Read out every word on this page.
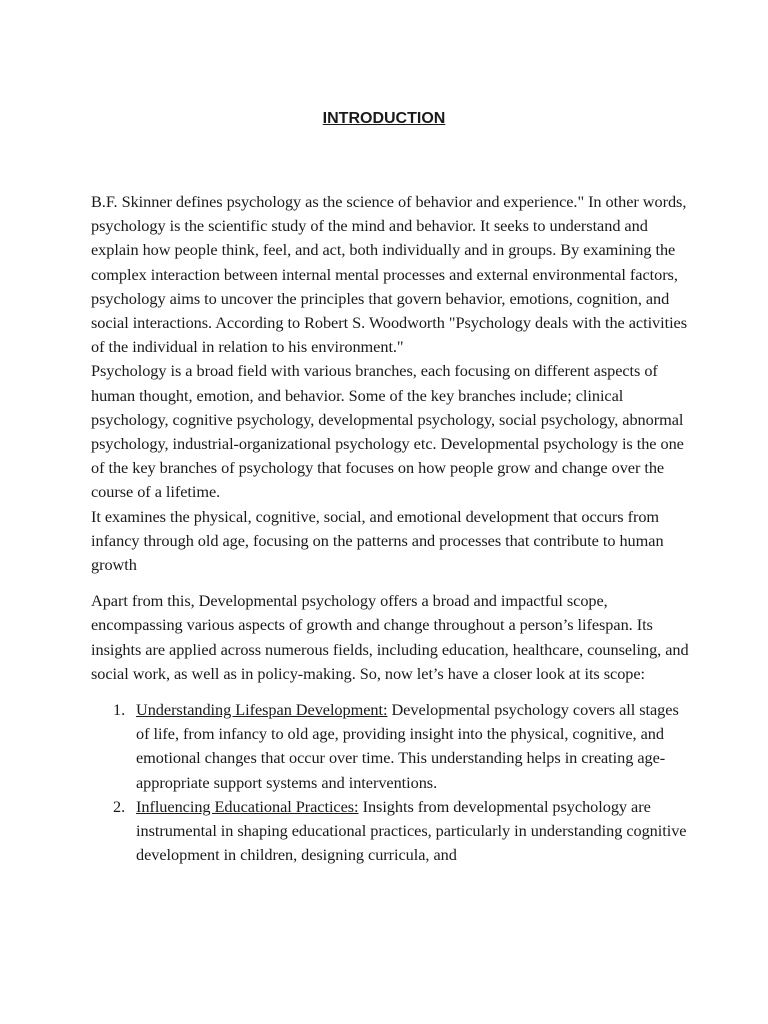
INTRODUCTION

B.F. Skinner defines psychology as the science of behavior and experience." In other words, psychology is the scientific study of the mind and behavior. It seeks to understand and explain how people think, feel, and act, both individually and in groups. By examining the complex interaction between internal mental processes and external environmental factors, psychology aims to uncover the principles that govern behavior, emotions, cognition, and social interactions. According to Robert S. Woodworth "Psychology deals with the activities of the individual in relation to his environment."

Psychology is a broad field with various branches, each focusing on different aspects of human thought, emotion, and behavior. Some of the key branches include; clinical psychology, cognitive psychology, developmental psychology, social psychology, abnormal psychology, industrial-organizational psychology etc. Developmental psychology is the one of the key branches of psychology that focuses on how people grow and change over the course of a lifetime.

It examines the physical, cognitive, social, and emotional development that occurs from infancy through old age, focusing on the patterns and processes that contribute to human growth

Apart from this, Developmental psychology offers a broad and impactful scope, encompassing various aspects of growth and change throughout a person’s lifespan. Its insights are applied across numerous fields, including education, healthcare, counseling, and social work, as well as in policy-making. So, now let’s have a closer look at its scope:

1. Understanding Lifespan Development: Developmental psychology covers all stages of life, from infancy to old age, providing insight into the physical, cognitive, and emotional changes that occur over time. This understanding helps in creating age-appropriate support systems and interventions.
2. Influencing Educational Practices: Insights from developmental psychology are instrumental in shaping educational practices, particularly in understanding cognitive development in children, designing curricula, and
